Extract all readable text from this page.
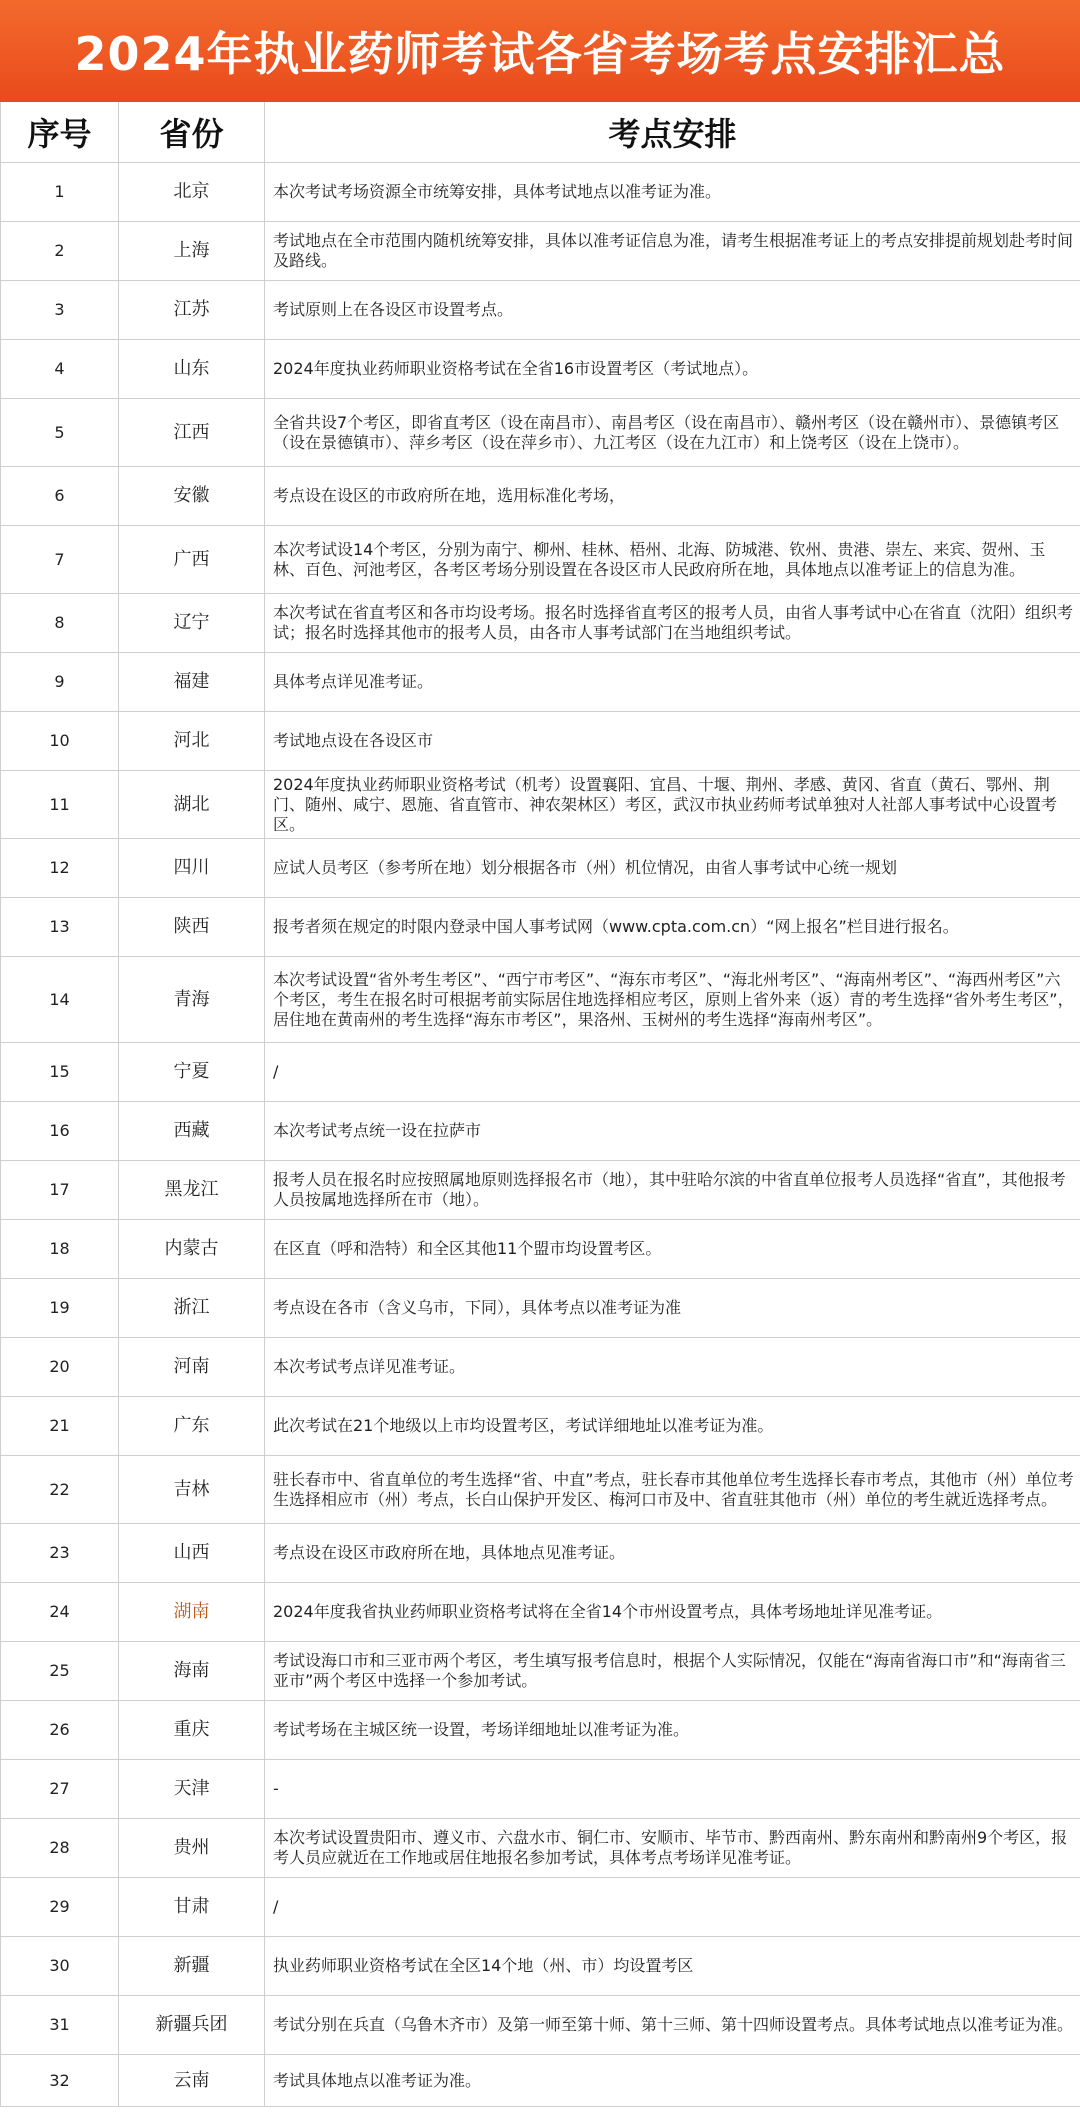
2024年执业药师考试各省考场考点安排汇总
序号	省份	考点安排
1	北京	本次考试考场资源全市统筹安排，具体考试地点以准考证为准。
2	上海	考试地点在全市范围内随机统筹安排，具体以准考证信息为准，请考生根据准考证上的考点安排提前规划赴考时间及路线。
3	江苏	考试原则上在各设区市设置考点。
4	山东	2024年度执业药师职业资格考试在全省16市设置考区（考试地点）。
5	江西	全省共设7个考区，即省直考区（设在南昌市）、南昌考区（设在南昌市）、赣州考区（设在赣州市）、景德镇考区（设在景德镇市）、萍乡考区（设在萍乡市）、九江考区（设在九江市）和上饶考区（设在上饶市）。
6	安徽	考点设在设区的市政府所在地，选用标准化考场，
7	广西	本次考试设14个考区，分别为南宁、柳州、桂林、梧州、北海、防城港、钦州、贵港、崇左、来宾、贺州、玉林、百色、河池考区，各考区考场分别设置在各设区市人民政府所在地，具体地点以准考证上的信息为准。
8	辽宁	本次考试在省直考区和各市均设考场。报名时选择省直考区的报考人员，由省人事考试中心在省直（沈阳）组织考试；报名时选择其他市的报考人员，由各市人事考试部门在当地组织考试。
9	福建	具体考点详见准考证。
10	河北	考试地点设在各设区市
11	湖北	2024年度执业药师职业资格考试（机考）设置襄阳、宜昌、十堰、荆州、孝感、黄冈、省直（黄石、鄂州、荆门、随州、咸宁、恩施、省直管市、神农架林区）考区，武汉市执业药师考试单独对人社部人事考试中心设置考区。
12	四川	应试人员考区（参考所在地）划分根据各市（州）机位情况，由省人事考试中心统一规划
13	陕西	报考者须在规定的时限内登录中国人事考试网（www.cpta.com.cn）“网上报名”栏目进行报名。
14	青海	本次考试设置“省外考生考区”、“西宁市考区”、“海东市考区”、“海北州考区”、“海南州考区”、“海西州考区”六个考区，考生在报名时可根据考前实际居住地选择相应考区，原则上省外来（返）青的考生选择“省外考生考区”，居住地在黄南州的考生选择“海东市考区”，果洛州、玉树州的考生选择“海南州考区”。
15	宁夏	/
16	西藏	本次考试考点统一设在拉萨市
17	黑龙江	报考人员在报名时应按照属地原则选择报名市（地），其中驻哈尔滨的中省直单位报考人员选择“省直”，其他报考人员按属地选择所在市（地）。
18	内蒙古	在区直（呼和浩特）和全区其他11个盟市均设置考区。
19	浙江	考点设在各市（含义乌市，下同），具体考点以准考证为准
20	河南	本次考试考点详见准考证。
21	广东	此次考试在21个地级以上市均设置考区，考试详细地址以准考证为准。
22	吉林	驻长春市中、省直单位的考生选择“省、中直”考点，驻长春市其他单位考生选择长春市考点，其他市（州）单位考生选择相应市（州）考点，长白山保护开发区、梅河口市及中、省直驻其他市（州）单位的考生就近选择考点。
23	山西	考点设在设区市政府所在地，具体地点见准考证。
24	湖南	2024年度我省执业药师职业资格考试将在全省14个市州设置考点，具体考场地址详见准考证。
25	海南	考试设海口市和三亚市两个考区，考生填写报考信息时，根据个人实际情况，仅能在“海南省海口市”和“海南省三亚市”两个考区中选择一个参加考试。
26	重庆	考试考场在主城区统一设置，考场详细地址以准考证为准。
27	天津	-
28	贵州	本次考试设置贵阳市、遵义市、六盘水市、铜仁市、安顺市、毕节市、黔西南州、黔东南州和黔南州9个考区，报考人员应就近在工作地或居住地报名参加考试，具体考点考场详见准考证。
29	甘肃	/
30	新疆	执业药师职业资格考试在全区14个地（州、市）均设置考区
31	新疆兵团	考试分别在兵直（乌鲁木齐市）及第一师至第十师、第十三师、第十四师设置考点。具体考试地点以准考证为准。
32	云南	考试具体地点以准考证为准。
